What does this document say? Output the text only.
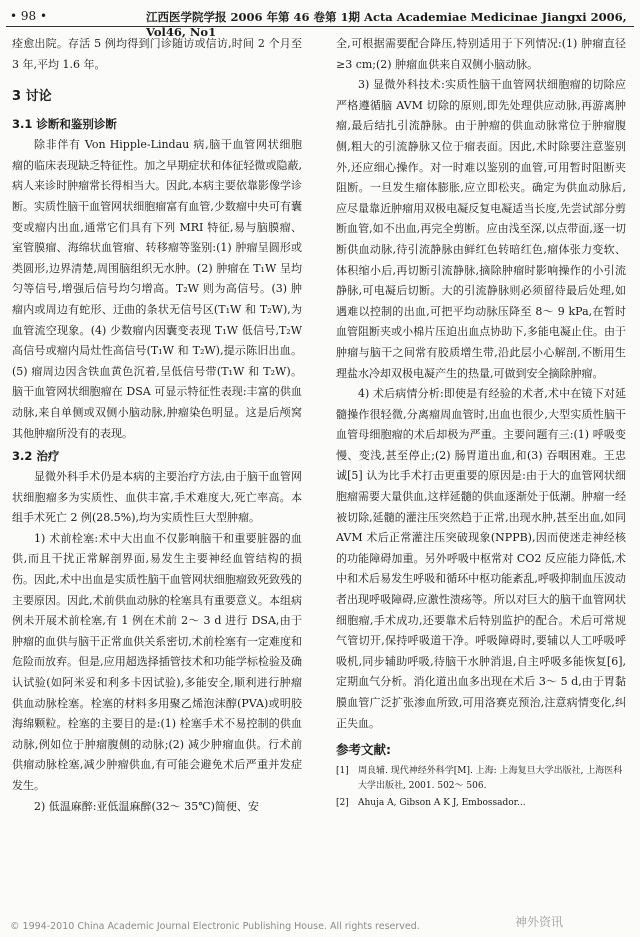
• 98 •	江西医学院学报 2006 年第 46 卷第 1期 Acta Academiae Medicinae Jiangxi 2006, Vol46, No1

痊愈出院。存活 5 例均得到门诊随访或信访,时间 2 个月至 3 年,平均 1.6 年。

3 讨论
3.1 诊断和鉴别诊断

除非伴有 Von Hipple-Lindau 病,脑干血管网状细胞瘤的临床表现缺乏特征性。加之早期症状和体征轻微或隐蔽,病人来诊时肿瘤常长得相当大。因此,本病主要依靠影像学诊断。实质性脑干血管网状细胞瘤富有血管,少数瘤中央可有囊变或瘤内出血,通常它们具有下列 MRI 特征,易与脑膜瘤、室管膜瘤、海绵状血管瘤、转移瘤等鉴别:(1) 肿瘤呈圆形或类圆形,边界清楚,周围脑组织无水肿。(2) 肿瘤在 T₁W 呈均匀等信号,增强后信号均匀增高。T₂W 则为高信号。(3) 肿瘤内或周边有蛇形、迂曲的条状无信号区(T₁W 和 T₂W),为血管流空现象。(4) 少数瘤内因囊变表现 T₁W 低信号,T₂W 高信号或瘤内局灶性高信号(T₁W 和 T₂W),提示陈旧出血。(5) 瘤周边因含铁血黄色沉着,呈低信号带(T₁W 和 T₂W)。脑干血管网状细胞瘤在 DSA 可显示特征性表现:丰富的供血动脉,来自单侧或双侧小脑动脉,肿瘤染色明显。这是后颅窝其他肿瘤所没有的表现。

3.2 治疗

显微外科手术仍是本病的主要治疗方法,由于脑干血管网状细胞瘤多为实质性、血供丰富,手术难度大,死亡率高。本组手术死亡 2 例(28.5%),均为实质性巨大型肿瘤。

1) 术前栓塞:术中大出血不仅影响脑干和重要脏器的血供,而且干扰正常解剖界面,易发生主要神经血管结构的损伤。因此,术中出血是实质性脑干血管网状细胞瘤致死致残的主要原因。因此,术前供血动脉的栓塞具有重要意义。本组病例未开展术前栓塞,有 1 例在术前 2～ 3 d 进行 DSA,由于肿瘤的血供与脑干正常血供关系密切,术前栓塞有一定难度和危险而放弃。但是,应用超选择插管技术和功能学标检验及确认试验(如阿米妥和利多卡因试验),多能安全,顺利进行肿瘤供血动脉栓塞。栓塞的材料多用聚乙烯泡沫醇(PVA)或明胶海绵颗粒。栓塞的主要目的是:(1) 栓塞手术不易控制的供血动脉,例如位于肿瘤腹侧的动脉;(2) 减少肿瘤血供。行术前供瘤动脉栓塞,减少肿瘤供血,有可能会避免术后严重并发症发生。

2) 低温麻醉:亚低温麻醉(32～ 35℃)简便、安

全,可根据需要配合降压,特别适用于下列情况:(1) 肿瘤直径 ≥3 cm;(2) 肿瘤血供来自双侧小脑动脉。

3) 显微外科技术:实质性脑干血管网状细胞瘤的切除应严格遵循脑 AVM 切除的原则,即先处理供应动脉,再游离肿瘤,最后结扎引流静脉。由于肿瘤的供血动脉常位于肿瘤腹侧,粗大的引流静脉又位于瘤表面。因此,术时除要注意鉴别外,还应细心操作。对一时难以鉴别的血管,可用暂时阻断夹阻断。一旦发生瘤体膨胀,应立即松夹。确定为供血动脉后,应尽量靠近肿瘤用双极电凝反复电凝适当长度,先尝试部分剪断血管,如不出血,再完全剪断。应由浅至深,以点带面,逐一切断供血动脉,待引流静脉由鲜红色转暗红色,瘤体张力变软、体积缩小后,再切断引流静脉,摘除肿瘤时影响操作的小引流静脉,可电凝后切断。大的引流静脉则必须留待最后处理,如遇难以控制的出血,可把平均动脉压降至 8～ 9 kPa,在暂时血管阻断夹或小棉片压迫出血点协助下,多能电凝止住。由于肿瘤与脑干之间常有胶质增生带,沿此层小心解剖,不断用生理盐水冷却双极电凝产生的热量,可做到安全摘除肿瘤。

4) 术后病情分析:即使是有经验的术者,术中在镜下对延髓操作很轻微,分离瘤周血管时,出血也很少,大型实质性脑干血管母细胞瘤的术后却极为严重。主要问题有三:(1) 呼吸变慢、变浅,甚至停止;(2) 肠胃道出血,和(3) 吞咽困难。王忠诚[5] 认为比手术打击更重要的原因是:由于大的血管网状细胞瘤需要大量供血,这样延髓的供血逐渐处于低潮。肿瘤一经被切除,延髓的灌注压突然趋于正常,出现水肿,甚至出血,如同 AVM 术后正常灌注压突破现象(NPPB),因而使迷走神经核的功能障碍加重。另外呼吸中枢常对 CO2 反应能力降低,术中和术后易发生呼吸和循环中枢功能紊乱,呼吸抑制血压波动者出现呼吸障碍,应激性溃疡等。所以对巨大的脑干血管网状细胞瘤,手术成功,还要靠术后特别监护的配合。术后可常规气管切开,保持呼吸道干净。呼吸障碍时,要辅以人工呼吸呼吸机,同步辅助呼吸,待脑干水肿消退,自主呼吸多能恢复[6],定期血气分析。消化道出血多出现在术后 3～ 5 d,由于胃黏膜血管广泛扩张渗血所致,可用洛赛克预治,注意病情变化,纠正失血。

参考文献:
[1]	周良辅. 现代神经外科学[M]. 上海: 上海复旦大学出版社, 上海医科大学出版社, 2001. 502～ 506.
[2]	Ahuja A, Gibson A K J, Embossador...
© 1994-2010 China Academic Journal Electronic Publishing House. All rights reserved.	神外资讯
